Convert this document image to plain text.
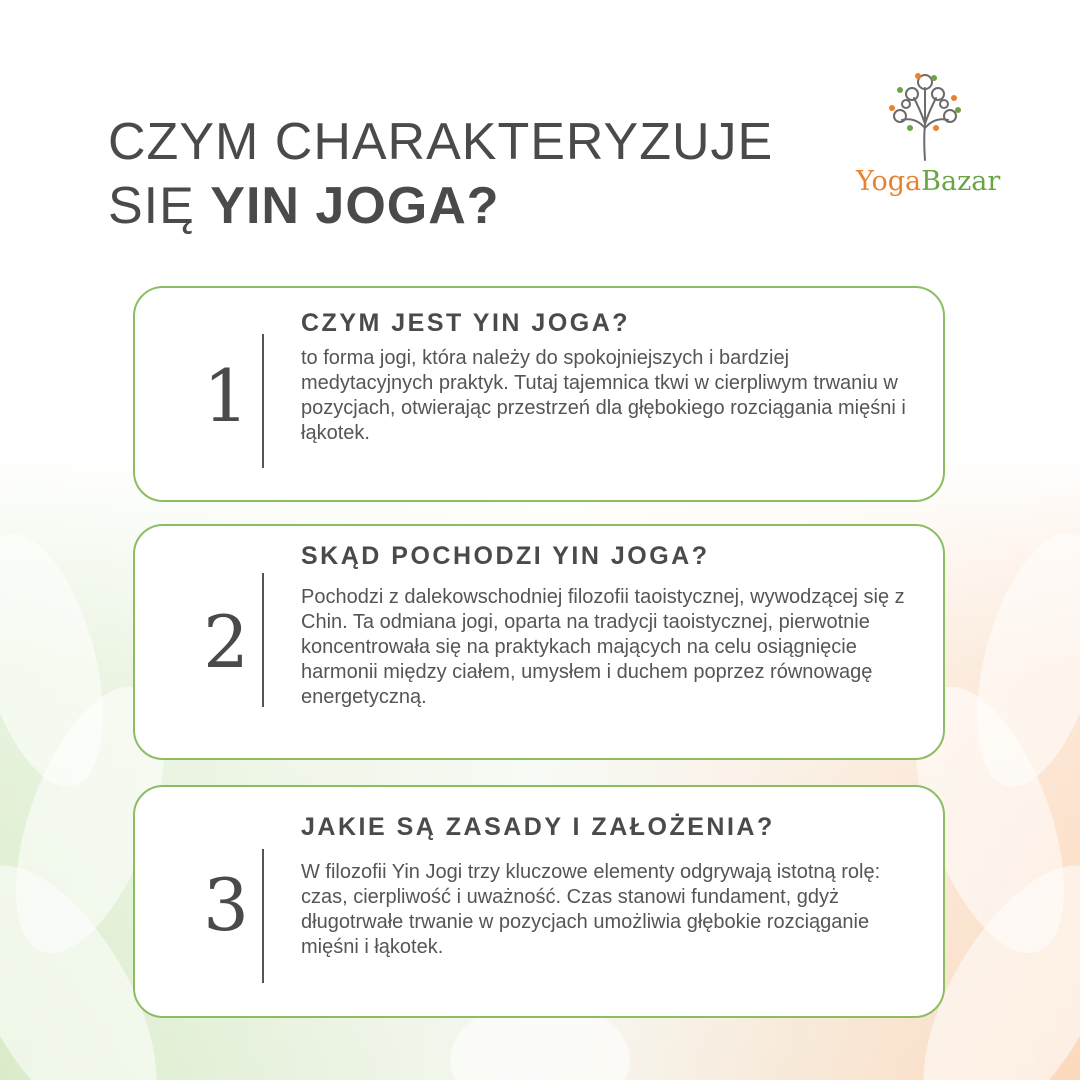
CZYM CHARAKTERYZUJE
SIĘ YIN JOGA?	YogaBazar
1
CZYM JEST YIN JOGA?

to forma jogi, która należy do spokojniejszych i bardziej medytacyjnych praktyk. Tutaj tajemnica tkwi w cierpliwym trwaniu w pozycjach, otwierając przestrzeń dla głębokiego rozciągania mięśni i łąkotek.

2
SKĄD POCHODZI YIN JOGA?

Pochodzi z dalekowschodniej filozofii taoistycznej, wywodzącej się z Chin. Ta odmiana jogi, oparta na tradycji taoistycznej, pierwotnie koncentrowała się na praktykach mających na celu osiągnięcie harmonii między ciałem, umysłem i duchem poprzez równowagę energetyczną.

3
JAKIE SĄ ZASADY I ZAŁOŻENIA?

W filozofii Yin Jogi trzy kluczowe elementy odgrywają istotną rolę: czas, cierpliwość i uważność. Czas stanowi fundament, gdyż długotrwałe trwanie w pozycjach umożliwia głębokie rozciąganie mięśni i łąkotek.
